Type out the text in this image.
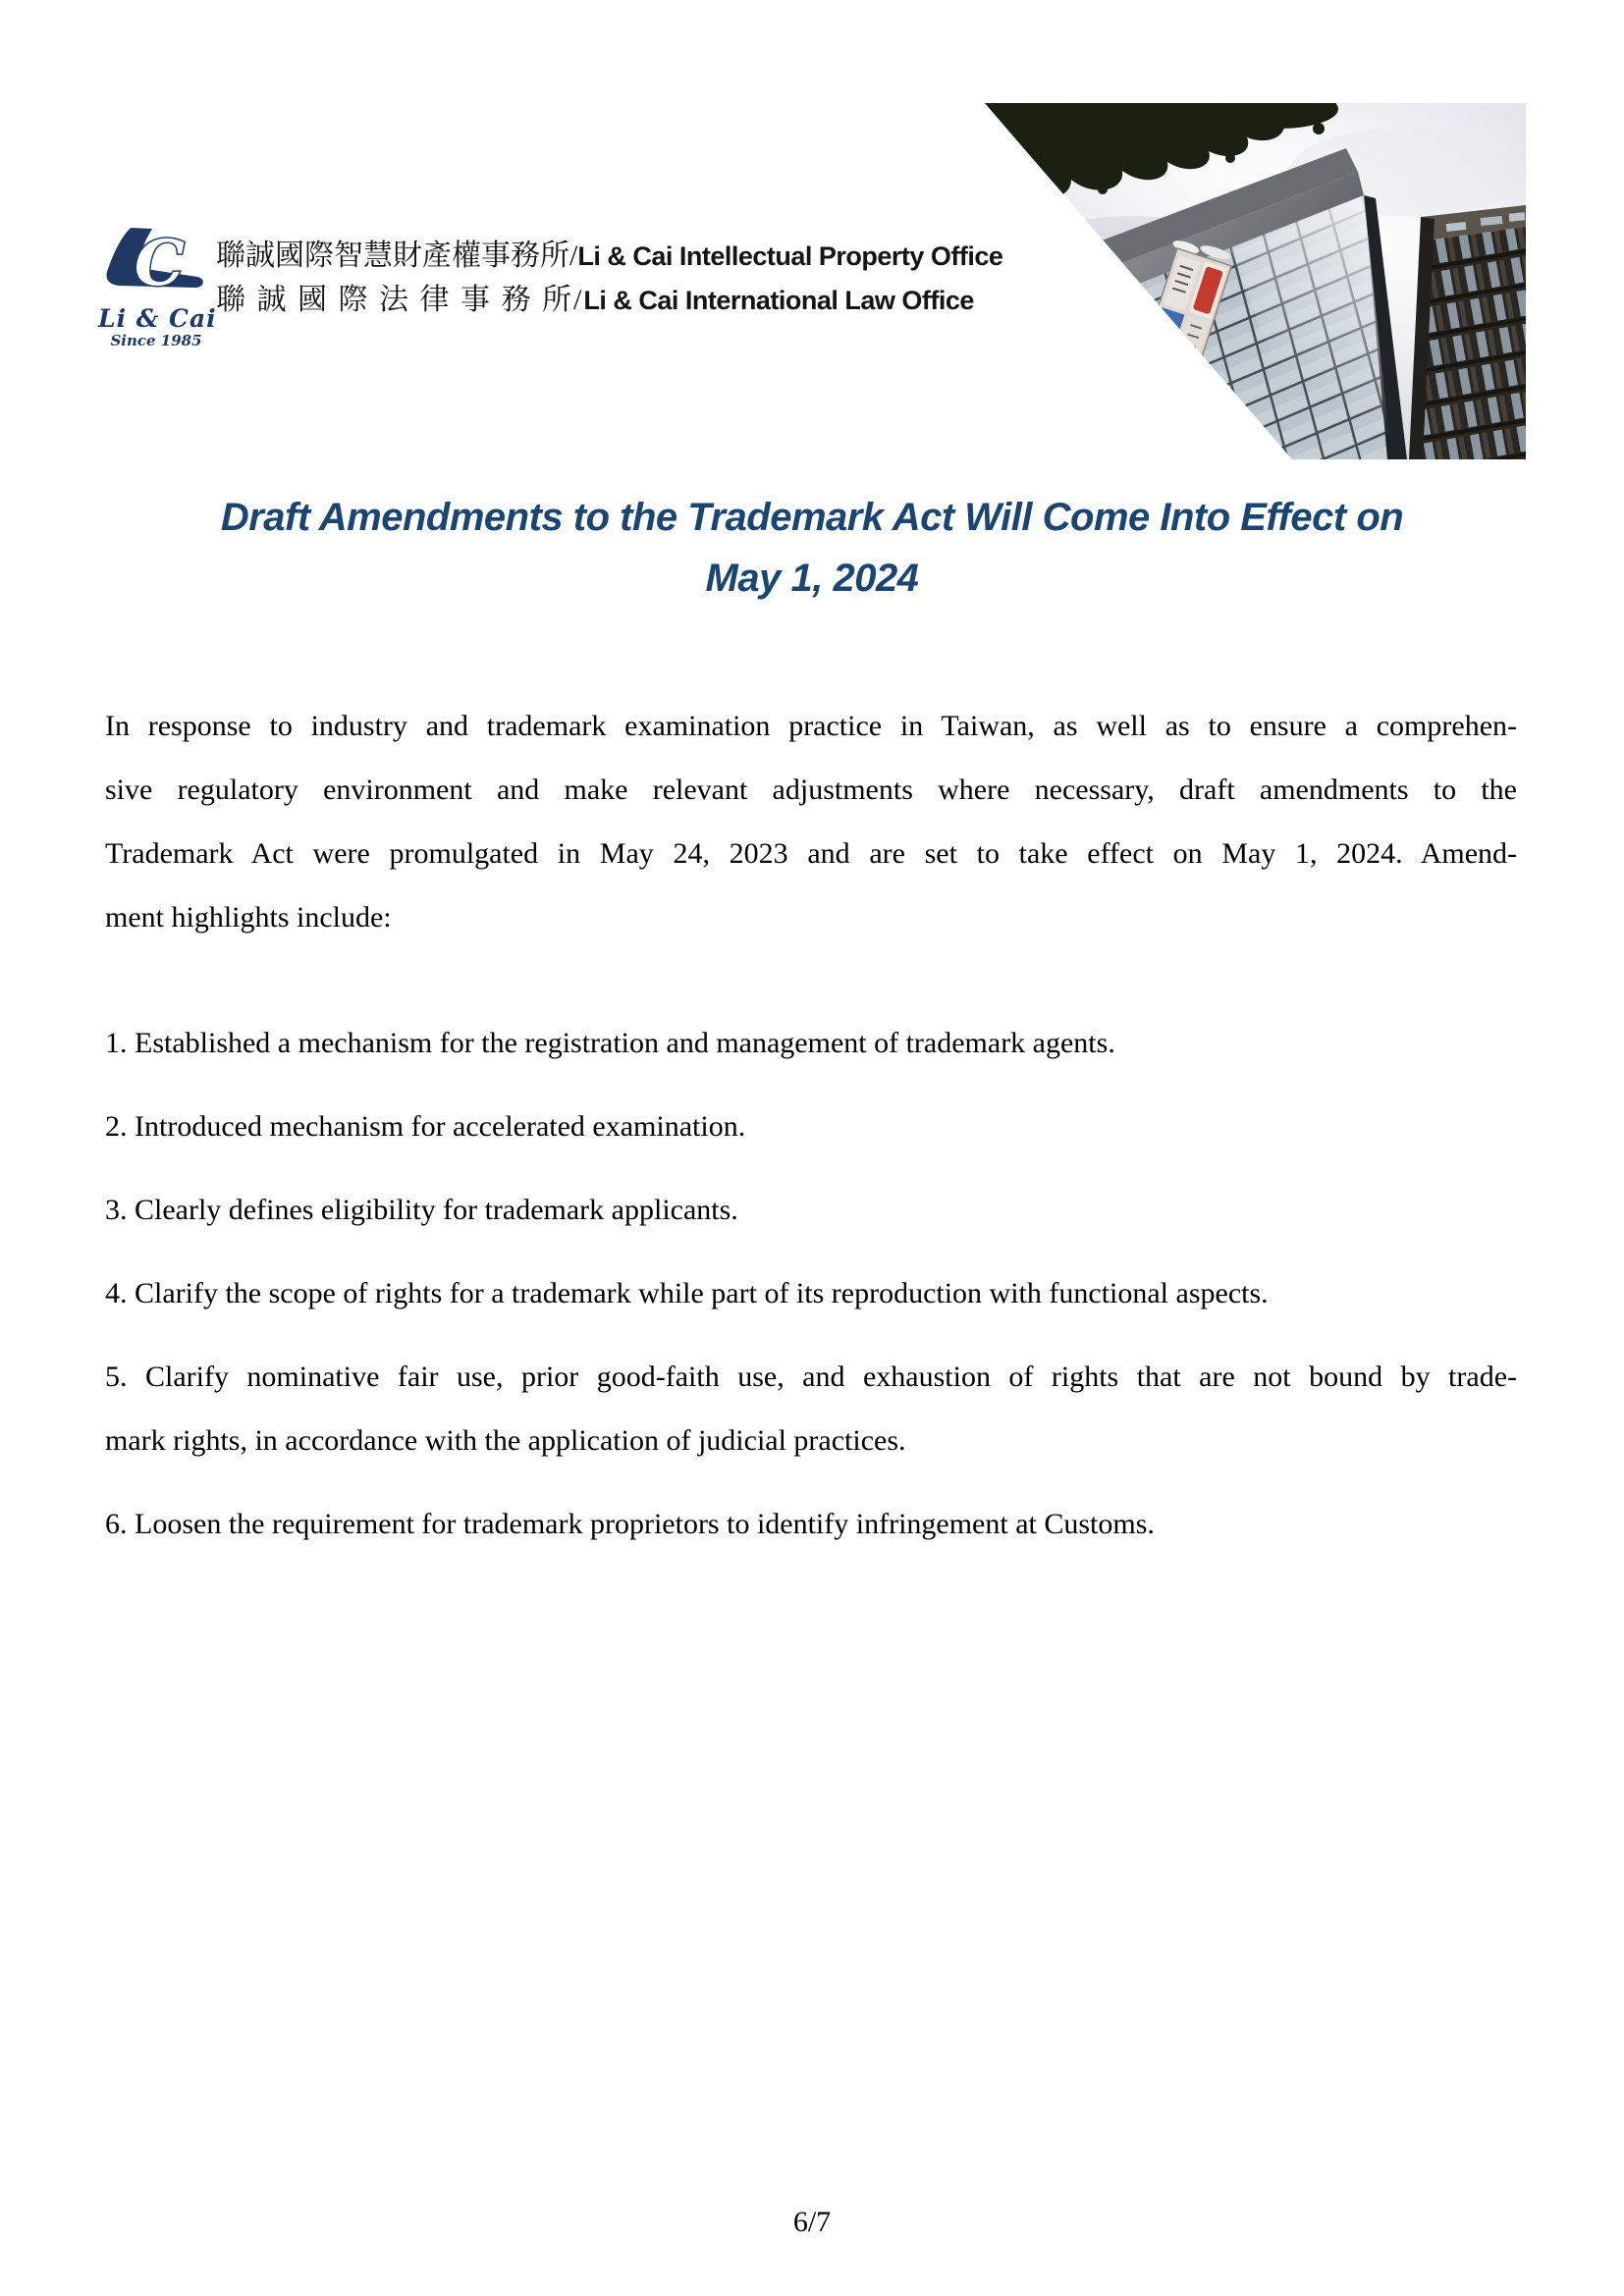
C
Li & Cai
Since 1985
聯誠國際智慧財產權事務所/Li & Cai Intellectual Property Office
聯 誠 國 際 法 律 事 務 所/Li & Cai International Law Office
Draft Amendments to the Trademark Act Will Come Into Effect on
May 1, 2024
In response to industry and trademark examination practice in Taiwan, as well as to ensure a comprehen-
sive regulatory environment and make relevant adjustments where necessary, draft amendments to the
Trademark Act were promulgated in May 24, 2023 and are set to take effect on May 1, 2024. Amend-
ment highlights include:
1. Established a mechanism for the registration and management of trademark agents.
2. Introduced mechanism for accelerated examination.
3. Clearly defines eligibility for trademark applicants.
4. Clarify the scope of rights for a trademark while part of its reproduction with functional aspects.
5. Clarify nominative fair use, prior good-faith use, and exhaustion of rights that are not bound by trade-
mark rights, in accordance with the application of judicial practices.
6. Loosen the requirement for trademark proprietors to identify infringement at Customs.
6/7
